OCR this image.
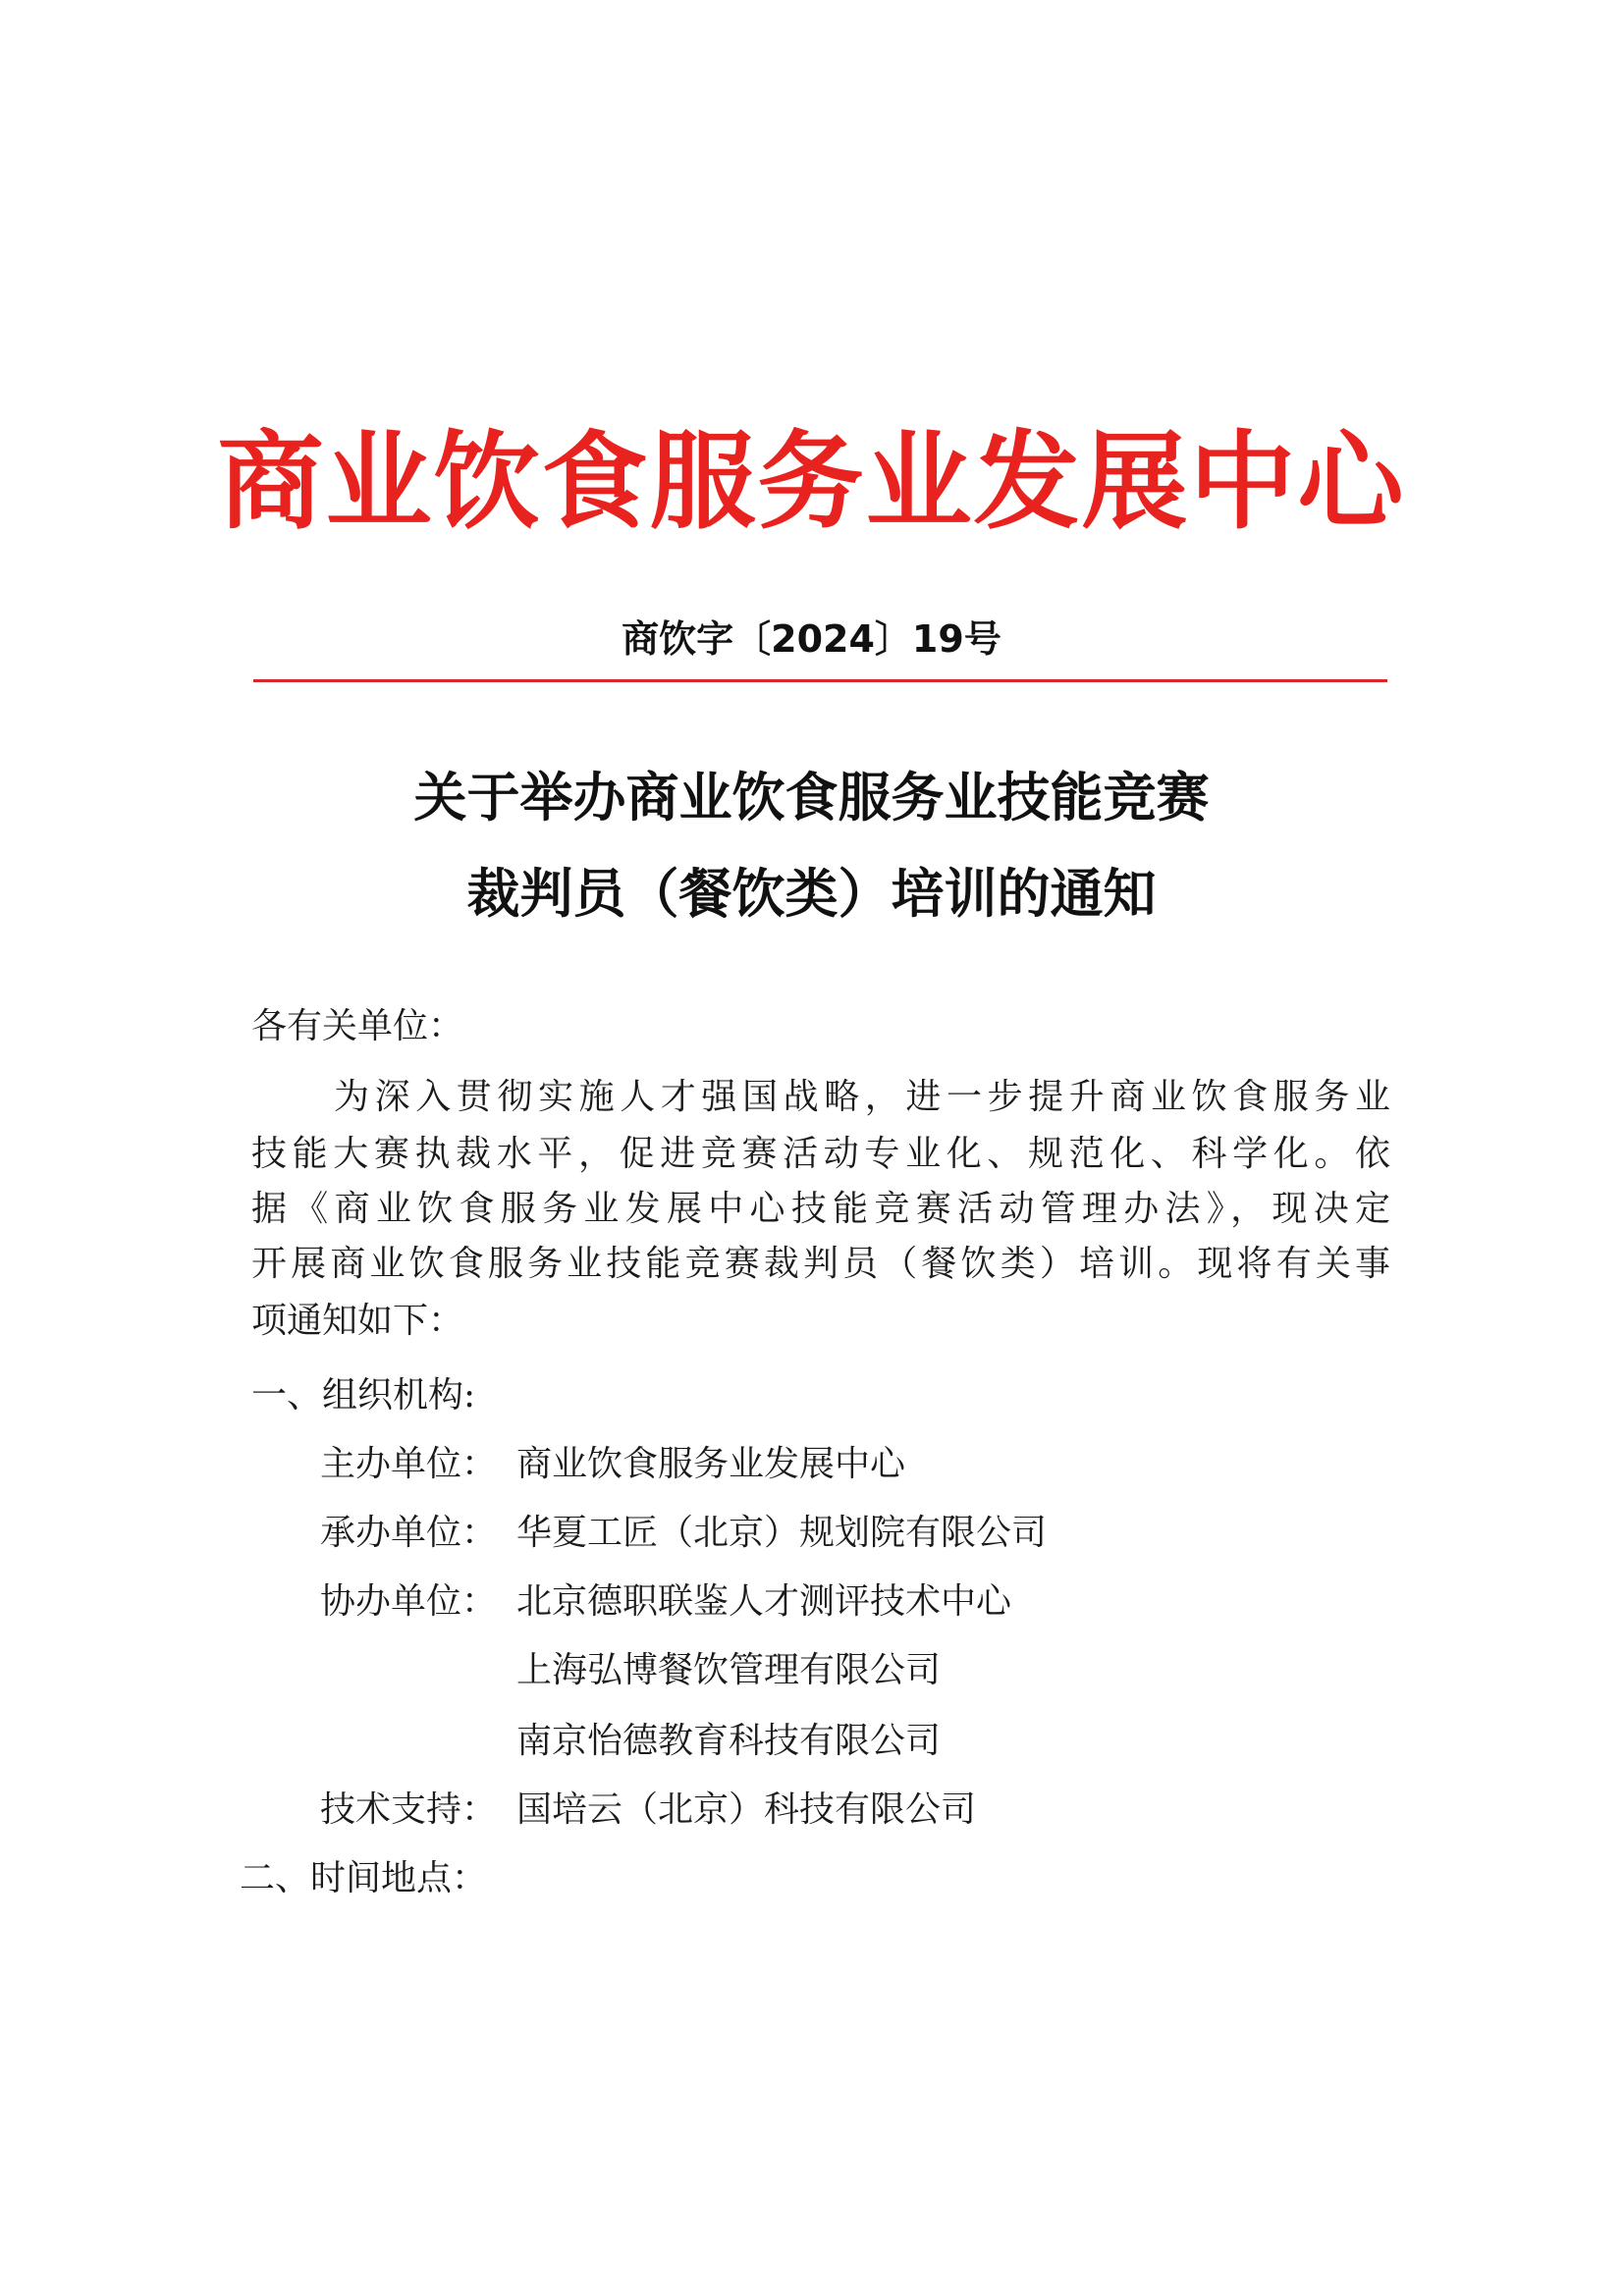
商业饮食服务业发展中心
商饮字〔2024〕19号
关于举办商业饮食服务业技能竞赛
裁判员（餐饮类）培训的通知
各有关单位：
为深入贯彻实施人才强国战略，进一步提升商业饮食服务业
技能大赛执裁水平，促进竞赛活动专业化、规范化、科学化。依
据《商业饮食服务业发展中心技能竞赛活动管理办法》，现决定
开展商业饮食服务业技能竞赛裁判员（餐饮类）培训。现将有关事
项通知如下：
一、组织机构:
主办单位： 商业饮食服务业发展中心
承办单位： 华夏工匠（北京）规划院有限公司
协办单位： 北京德职联鉴人才测评技术中心
上海弘博餐饮管理有限公司
南京怡德教育科技有限公司
技术支持： 国培云（北京）科技有限公司
二、时间地点：
